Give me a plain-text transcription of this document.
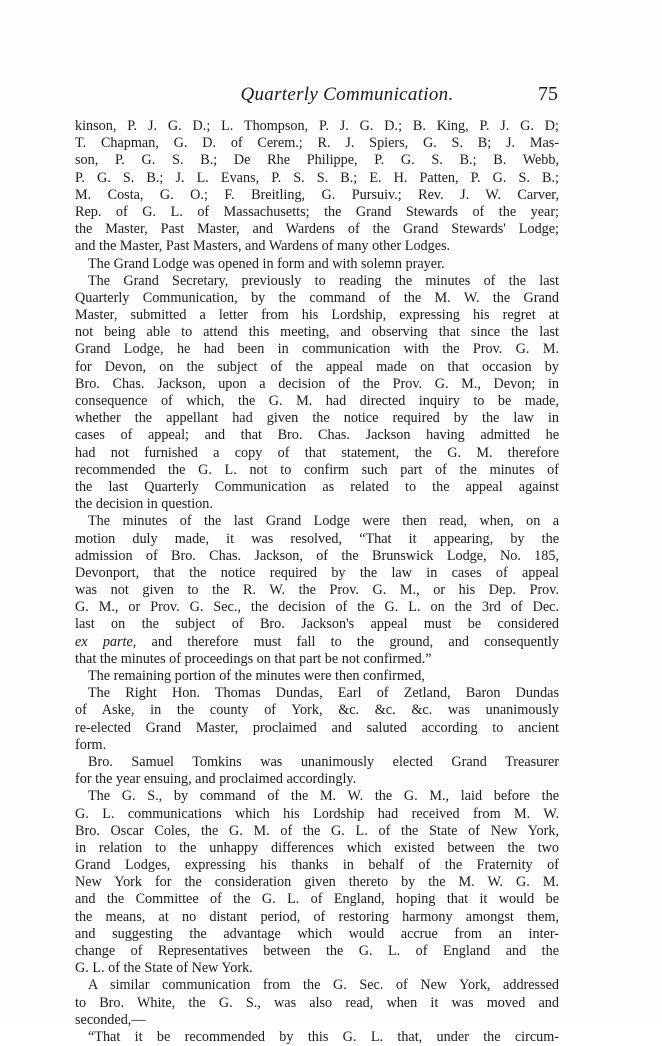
Quarterly Communication.	75
kinson, P. J. G. D.; L. Thompson, P. J. G. D.; B. King, P. J. G. D;
T. Chapman, G. D. of Cerem.; R. J. Spiers, G. S. B; J. Mas-
son, P. G. S. B.; De Rhe Philippe, P. G. S. B.; B. Webb,
P. G. S. B.; J. L. Evans, P. S. S. B.; E. H. Patten, P. G. S. B.;
M. Costa, G. O.; F. Breitling, G. Pursuiv.; Rev. J. W. Carver,
Rep. of G. L. of Massachusetts; the Grand Stewards of the year;
the Master, Past Master, and Wardens of the Grand Stewards' Lodge;
and the Master, Past Masters, and Wardens of many other Lodges.
The Grand Lodge was opened in form and with solemn prayer.
The Grand Secretary, previously to reading the minutes of the last
Quarterly Communication, by the command of the M. W. the Grand
Master, submitted a letter from his Lordship, expressing his regret at
not being able to attend this meeting, and observing that since the last
Grand Lodge, he had been in communication with the Prov. G. M.
for Devon, on the subject of the appeal made on that occasion by
Bro. Chas. Jackson, upon a decision of the Prov. G. M., Devon; in
consequence of which, the G. M. had directed inquiry to be made,
whether the appellant had given the notice required by the law in
cases of appeal; and that Bro. Chas. Jackson having admitted he
had not furnished a copy of that statement, the G. M. therefore
recommended the G. L. not to confirm such part of the minutes of
the last Quarterly Communication as related to the appeal against
the decision in question.
The minutes of the last Grand Lodge were then read, when, on a
motion duly made, it was resolved, “That it appearing, by the
admission of Bro. Chas. Jackson, of the Brunswick Lodge, No. 185,
Devonport, that the notice required by the law in cases of appeal
was not given to the R. W. the Prov. G. M., or his Dep. Prov.
G. M., or Prov. G. Sec., the decision of the G. L. on the 3rd of Dec.
last on the subject of Bro. Jackson's appeal must be considered
ex parte, and therefore must fall to the ground, and consequently
that the minutes of proceedings on that part be not confirmed.”
The remaining portion of the minutes were then confirmed,
The Right Hon. Thomas Dundas, Earl of Zetland, Baron Dundas
of Aske, in the county of York, &c. &c. &c. was unanimously
re-elected Grand Master, proclaimed and saluted according to ancient
form.
Bro. Samuel Tomkins was unanimously elected Grand Treasurer
for the year ensuing, and proclaimed accordingly.
The G. S., by command of the M. W. the G. M., laid before the
G. L. communications which his Lordship had received from M. W.
Bro. Oscar Coles, the G. M. of the G. L. of the State of New York,
in relation to the unhappy differences which existed between the two
Grand Lodges, expressing his thanks in behalf of the Fraternity of
New York for the consideration given thereto by the M. W. G. M.
and the Committee of the G. L. of England, hoping that it would be
the means, at no distant period, of restoring harmony amongst them,
and suggesting the advantage which would accrue from an inter-
change of Representatives between the G. L. of England and the
G. L. of the State of New York.
A similar communication from the G. Sec. of New York, addressed
to Bro. White, the G. S., was also read, when it was moved and
seconded,—
“That it be recommended by this G. L. that, under the circum-
